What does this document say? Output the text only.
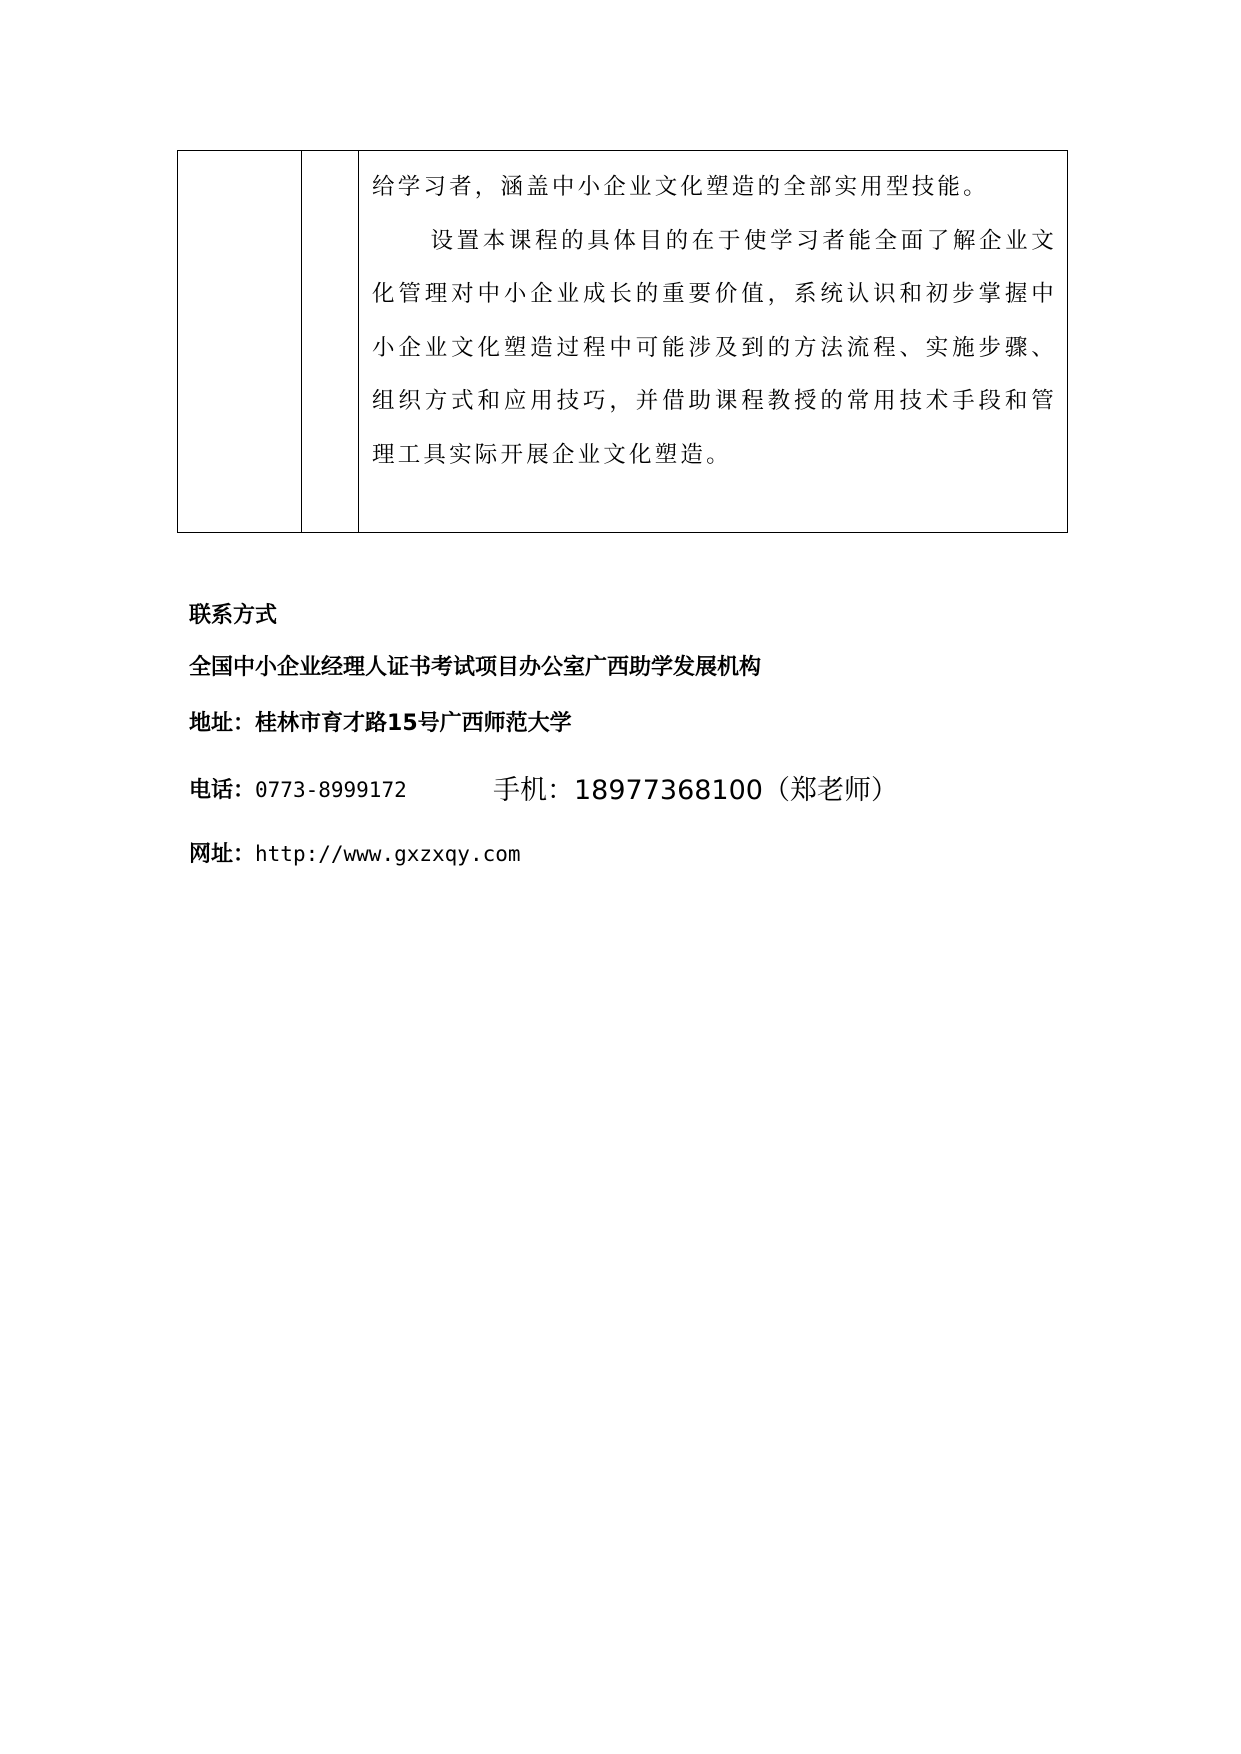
给学习者，涵盖中小企业文化塑造的全部实用型技能。

设置本课程的具体目的在于使学习者能全面了解企业文化管理对中小企业成长的重要价值，系统认识和初步掌握中小企业文化塑造过程中可能涉及到的方法流程、实施步骤、组织方式和应用技巧，并借助课程教授的常用技术手段和管理工具实际开展企业文化塑造。

联系方式
全国中小企业经理人证书考试项目办公室广西助学发展机构
地址：桂林市育才路15号广西师范大学
电话：0773-8999172	手机：18977368100（郑老师）
网址：http://www.gxzxqy.com
